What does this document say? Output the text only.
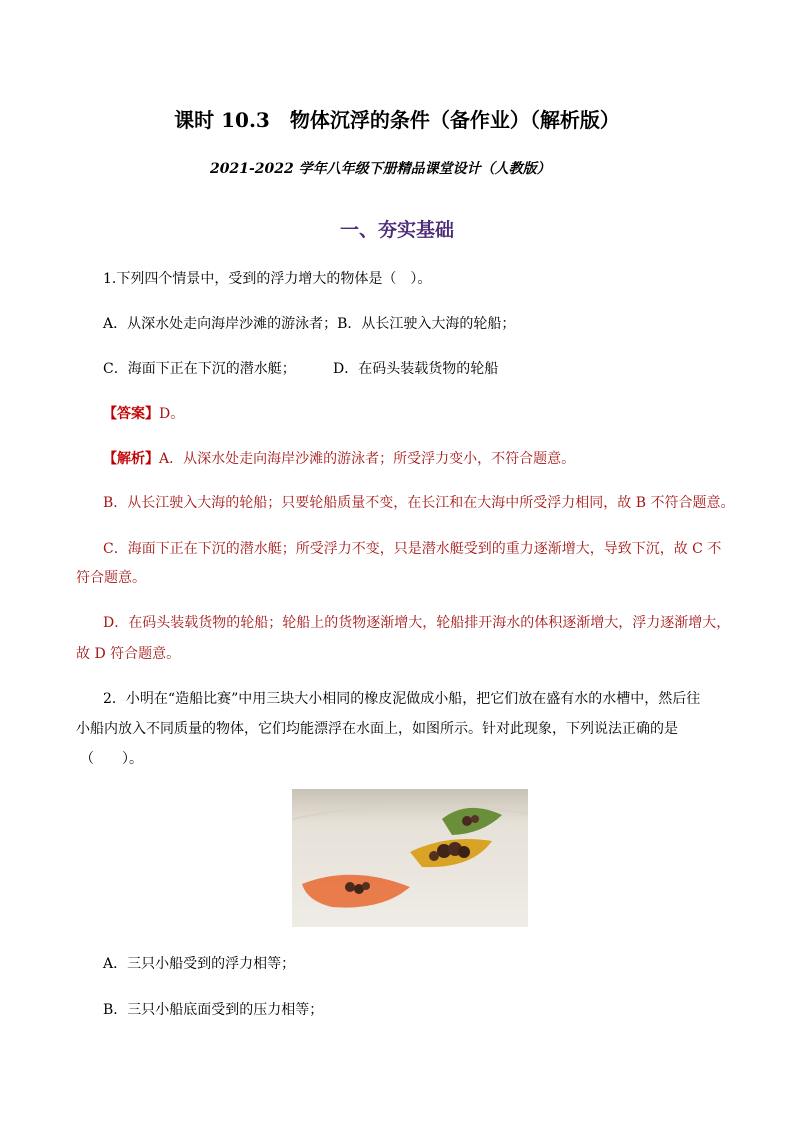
课时 10.3　物体沉浮的条件（备作业）（解析版）
2021-2022 学年八年级下册精品课堂设计（人教版）
一、夯实基础
1.下列四个情景中，受到的浮力增大的物体是（　）。
A．从深水处走向海岸沙滩的游泳者；B．从长江驶入大海的轮船；
C．海面下正在下沉的潜水艇；	D．在码头装载货物的轮船
【答案】D。
【解析】A．从深水处走向海岸沙滩的游泳者；所受浮力变小，不符合题意。
B．从长江驶入大海的轮船；只要轮船质量不变，在长江和在大海中所受浮力相同，故 B 不符合题意。
C．海面下正在下沉的潜水艇；所受浮力不变，只是潜水艇受到的重力逐渐增大，导致下沉，故 C 不
符合题意。
D．在码头装载货物的轮船；轮船上的货物逐渐增大，轮船排开海水的体积逐渐增大，浮力逐渐增大，
故 D 符合题意。
2．小明在“造船比赛”中用三块大小相同的橡皮泥做成小船，把它们放在盛有水的水槽中，然后往
小船内放入不同质量的物体，它们均能漂浮在水面上，如图所示。针对此现象，下列说法正确的是
（　　）。
A．三只小船受到的浮力相等；
B．三只小船底面受到的压力相等；
